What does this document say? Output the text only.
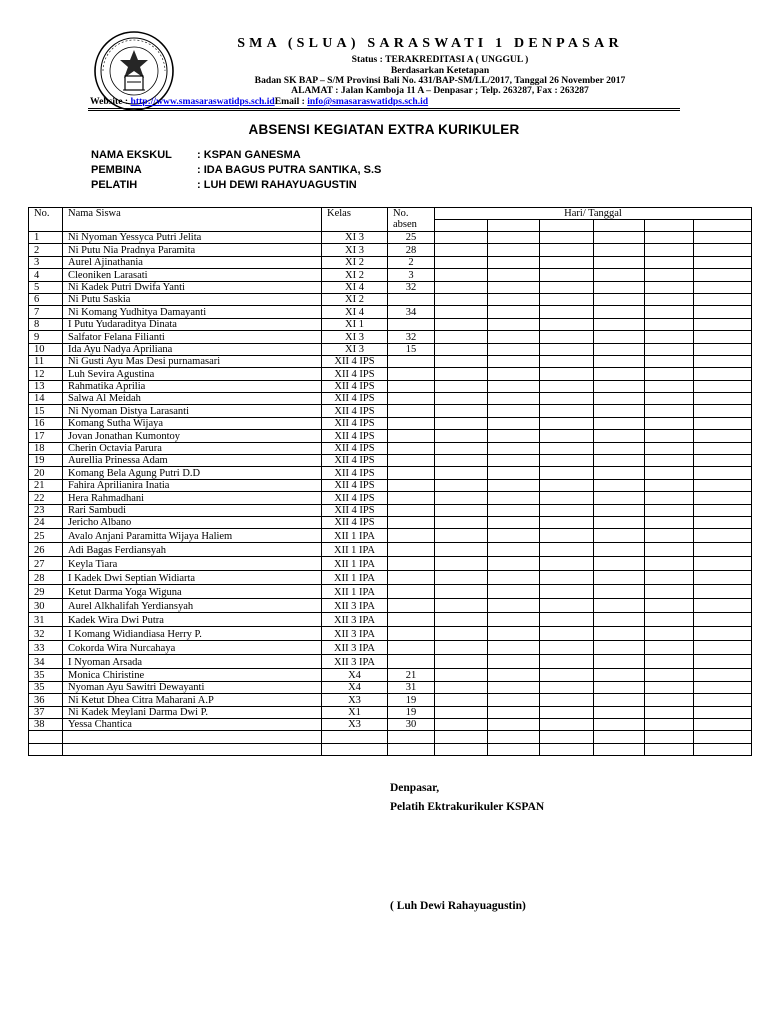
SMA (SLUA) SARASWATI 1 DENPASAR
Status : TERAKREDITASI A ( UNGGUL )
Berdasarkan Ketetapan
Badan SK BAP – S/M Provinsi Bali No. 431/BAP-SM/LL/2017, Tanggal 26 November 2017
ALAMAT : Jalan Kamboja 11 A – Denpasar ; Telp. 263287, Fax : 263287
Website : http://www.smasaraswatidps.sch.idEmail : info@smasaraswatidps.sch.id
ABSENSI KEGIATAN EXTRA KURIKULER
NAMA EKSKUL : KSPAN GANESMA
PEMBINA	: IDA BAGUS PUTRA SANTIKA, S.S
PELATIH	: LUH DEWI RAHAYUAGUSTIN
No.	Nama Siswa	Kelas	No.
absen	Hari/ Tanggal					

1	Ni Nyoman Yessyca Putri Jelita	XI 3	25						
2	Ni Putu Nia Pradnya Paramita	XI 3	28						
3	Aurel Ajinathania	XI 2	2						
4	Cleoniken Larasati	XI 2	3						
5	Ni Kadek Putri Dwifa Yanti	XI 4	32						
6	Ni Putu Saskia	XI 2							
7	Ni Komang Yudhitya Damayanti	XI 4	34						
8	I Putu Yudaraditya Dinata	XI 1							
9	Salfator Felana Filianti	XI 3	32						
10	Ida Ayu Nadya Apriliana	XI 3	15						
11	Ni Gusti Ayu Mas Desi purnamasari	XII 4 IPS							
12	Luh Sevira Agustina	XII 4 IPS							
13	Rahmatika Aprilia	XII 4 IPS							
14	Salwa Al Meidah	XII 4 IPS							
15	Ni Nyoman Distya Larasanti	XII 4 IPS							
16	Komang Sutha Wijaya	XII 4 IPS							
17	Jovan Jonathan Kumontoy	XII 4 IPS							
18	Cherin Octavia Parura	XII 4 IPS							
19	Aurellia Prinessa Adam	XII 4 IPS							
20	Komang Bela Agung Putri D.D	XII 4 IPS							
21	Fahira Aprilianira Inatia	XII 4 IPS							
22	Hera Rahmadhani	XII 4 IPS							
23	Rari Sambudi	XII 4 IPS							
24	Jericho Albano	XII 4 IPS							
25	Avalo Anjani Paramitta Wijaya Haliem	XII 1 IPA							
26	Adi Bagas Ferdiansyah	XII 1 IPA							
27	Keyla Tiara	XII 1 IPA							
28	I Kadek Dwi Septian Widiarta	XII 1 IPA							
29	Ketut Darma Yoga Wiguna	XII 1 IPA							
30	Aurel Alkhalifah Yerdiansyah	XII 3 IPA							
31	Kadek Wira Dwi Putra	XII 3 IPA							
32	I Komang Widiandiasa Herry P.	XII 3 IPA							
33	Cokorda Wira Nurcahaya	XII 3 IPA							
34	I Nyoman Arsada	XII 3 IPA							
35	Monica Chiristine	X4	21						
35	Nyoman Ayu Sawitri Dewayanti	X4	31						
36	Ni Ketut Dhea Citra Maharani A.P	X3	19						
37	Ni Kadek Meylani Darma Dwi P.	X1	19						
38	Yessa Chantica	X3	30						

Denpasar,
Pelatih Ektrakurikuler KSPAN
( Luh Dewi Rahayuagustin)
